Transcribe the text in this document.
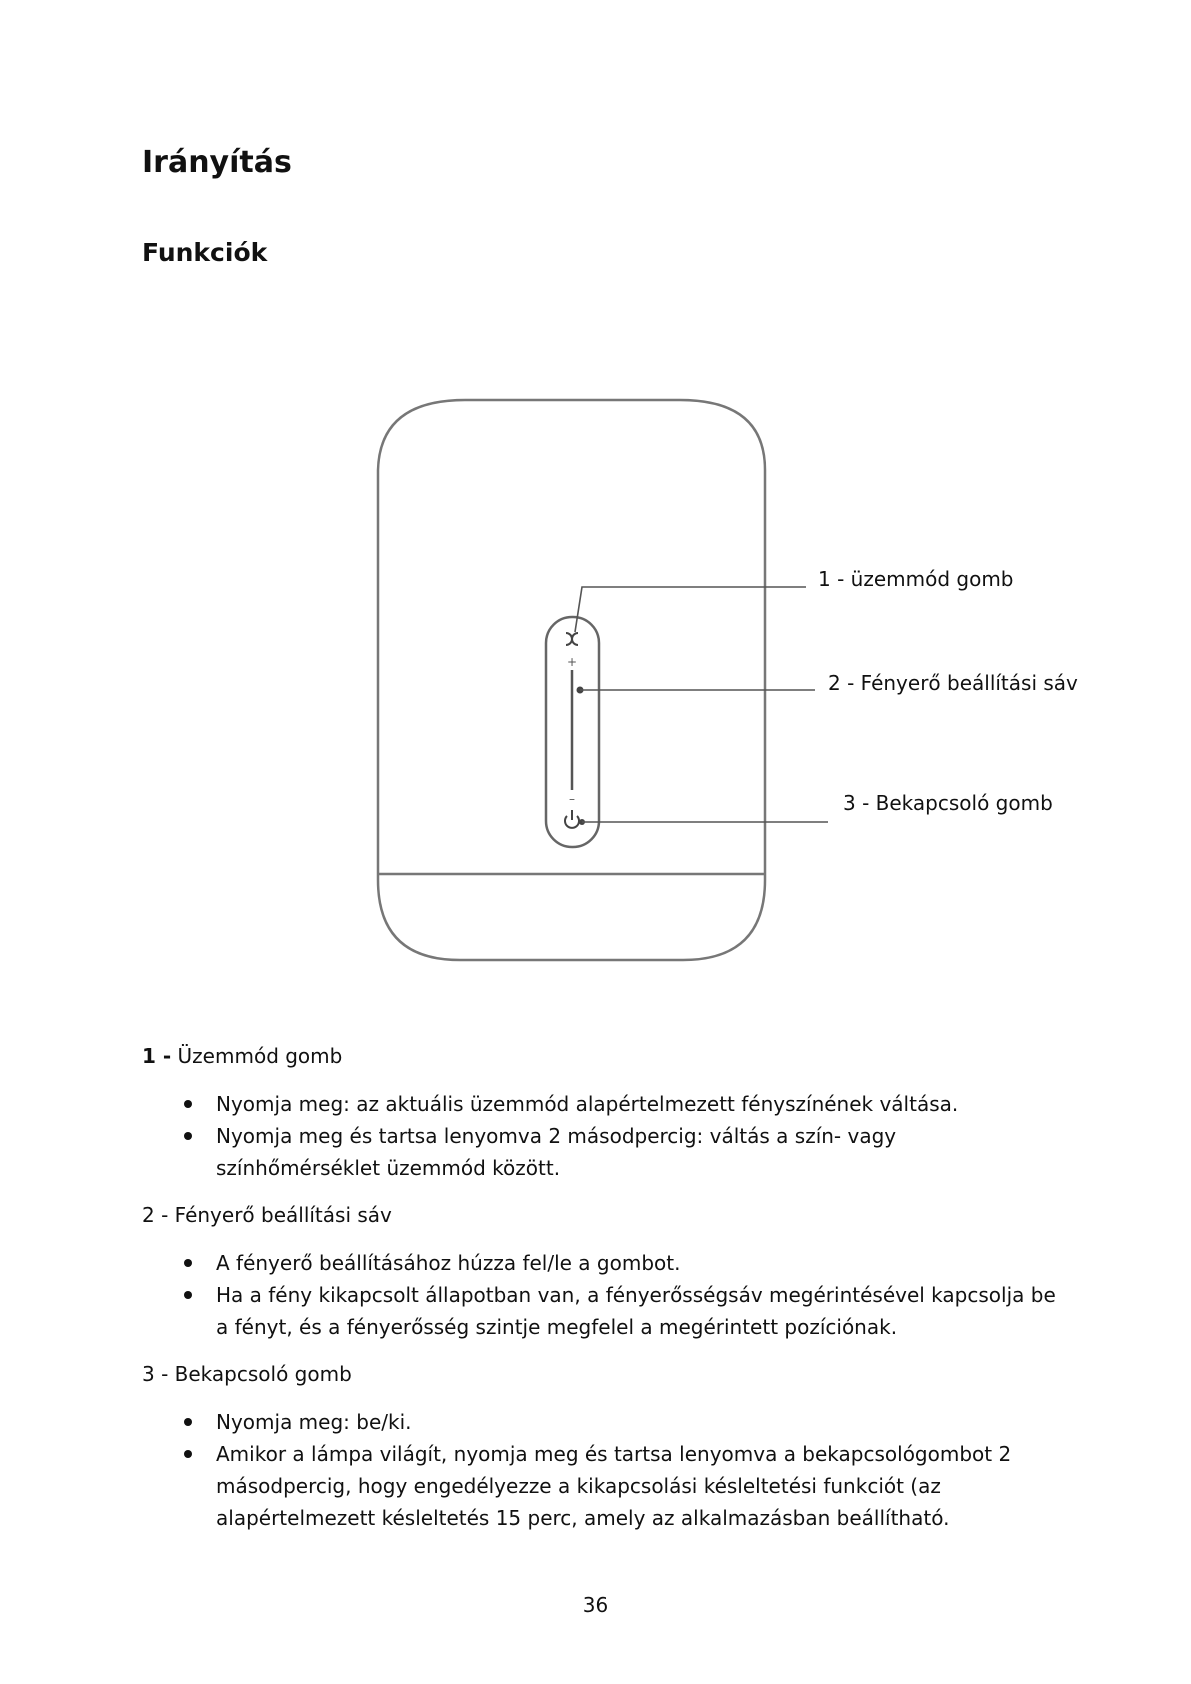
Irányítás
Funkciók
+
–
1 - üzemmód gomb
2 - Fényerő beállítási sáv
3 - Bekapcsoló gomb

1 - Üzemmód gomb

Nyomja meg: az aktuális üzemmód alapértelmezett fényszínének váltása.
Nyomja meg és tartsa lenyomva 2 másodpercig: váltás a szín- vagy színhőmérséklet üzemmód között.

2 - Fényerő beállítási sáv

A fényerő beállításához húzza fel/le a gombot.
Ha a fény kikapcsolt állapotban van, a fényerősségsáv megérintésével kapcsolja be a fényt, és a fényerősség szintje megfelel a megérintett pozíciónak.

3 - Bekapcsoló gomb

Nyomja meg: be/ki.
Amikor a lámpa világít, nyomja meg és tartsa lenyomva a bekapcsológombot 2 másodpercig, hogy engedélyezze a kikapcsolási késleltetési funkciót (az alapértelmezett késleltetés 15 perc, amely az alkalmazásban beállítható.
36
